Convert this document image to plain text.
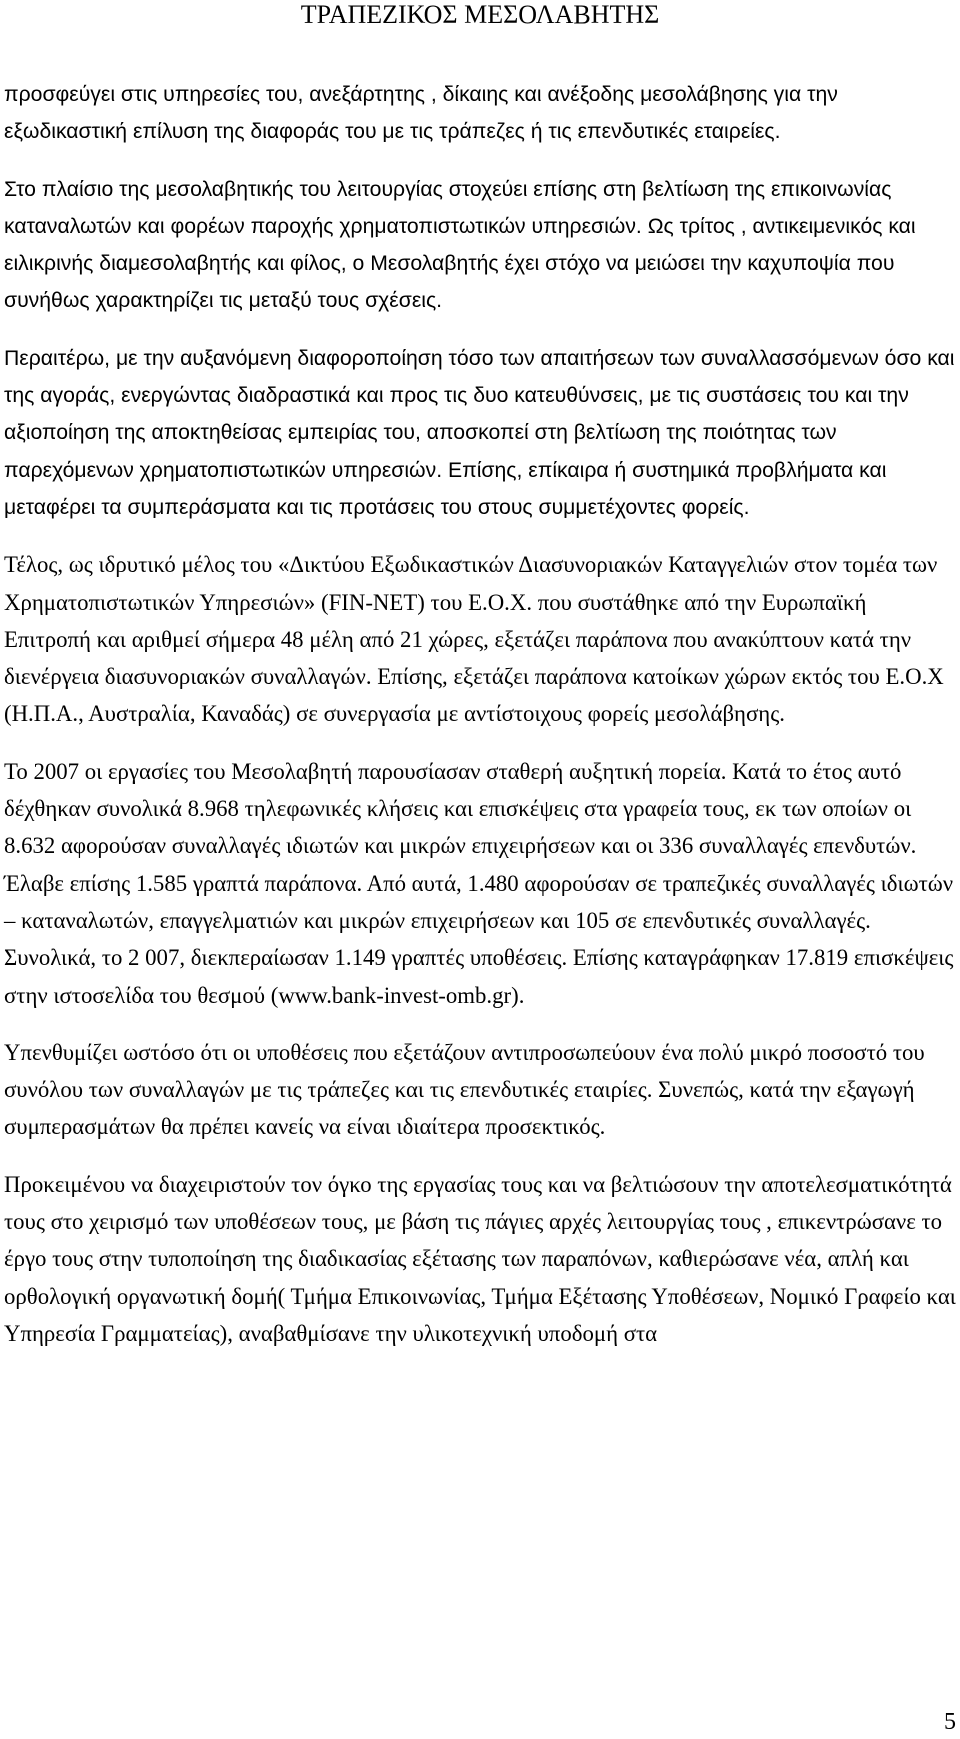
ΤΡΑΠΕΖΙΚΟΣ ΜΕΣΟΛΑΒΗΤΗΣ

προσφεύγει στις υπηρεσίες του, ανεξάρτητης , δίκαιης και ανέξοδης μεσολάβησης για την εξωδικαστική επίλυση της διαφοράς του με τις τράπεζες ή τις επενδυτικές εταιρείες.

Στο πλαίσιο της μεσολαβητικής του λειτουργίας στοχεύει επίσης στη βελτίωση της επικοινωνίας καταναλωτών και φορέων παροχής χρηματοπιστωτικών υπηρεσιών. Ως τρίτος , αντικειμενικός και ειλικρινής διαμεσολαβητής και φίλος, ο Μεσολαβητής έχει στόχο να μειώσει την καχυποψία που συνήθως χαρακτηρίζει τις μεταξύ τους σχέσεις.

Περαιτέρω, με την αυξανόμενη διαφοροποίηση τόσο των απαιτήσεων των συναλλασσόμενων όσο και της αγοράς, ενεργώντας διαδραστικά και προς τις δυο κατευθύνσεις, με τις συστάσεις του και την αξιοποίηση της αποκτηθείσας εμπειρίας του, αποσκοπεί στη βελτίωση της ποιότητας των παρεχόμενων χρηματοπιστωτικών υπηρεσιών. Επίσης, επίκαιρα ή συστημικά προβλήματα και μεταφέρει τα συμπεράσματα και τις προτάσεις του στους συμμετέχοντες φορείς.

Τέλος, ως ιδρυτικό μέλος του «Δικτύου Εξωδικαστικών Διασυνοριακών Καταγγελιών στον τομέα των Χρηματοπιστωτικών Υπηρεσιών» (FIN-NET) του Ε.Ο.Χ. που συστάθηκε από την Ευρωπαϊκή Επιτροπή και αριθμεί σήμερα 48 μέλη από 21 χώρες, εξετάζει παράπονα που ανακύπτουν κατά την διενέργεια διασυνοριακών συναλλαγών. Επίσης, εξετάζει παράπονα κατοίκων χώρων εκτός του Ε.Ο.Χ (Η.Π.Α., Αυστραλία, Καναδάς) σε συνεργασία με αντίστοιχους φορείς μεσολάβησης.

Το 2007 οι εργασίες του Μεσολαβητή παρουσίασαν σταθερή αυξητική πορεία. Κατά το έτος αυτό δέχθηκαν συνολικά 8.968 τηλεφωνικές κλήσεις και επισκέψεις στα γραφεία τους, εκ των οποίων οι 8.632 αφορούσαν συναλλαγές ιδιωτών και μικρών επιχειρήσεων και οι 336 συναλλαγές επενδυτών. Έλαβε επίσης 1.585 γραπτά παράπονα. Από αυτά, 1.480 αφορούσαν σε τραπεζικές συναλλαγές ιδιωτών – καταναλωτών, επαγγελματιών και μικρών επιχειρήσεων και 105 σε επενδυτικές συναλλαγές. Συνολικά, το 2 007, διεκπεραίωσαν 1.149 γραπτές υποθέσεις. Επίσης καταγράφηκαν 17.819 επισκέψεις στην ιστοσελίδα του θεσμού (www.bank-invest-omb.gr).

Υπενθυμίζει ωστόσο ότι οι υποθέσεις που εξετάζουν αντιπροσωπεύουν ένα πολύ μικρό ποσοστό του συνόλου των συναλλαγών με τις τράπεζες και τις επενδυτικές εταιρίες. Συνεπώς, κατά την εξαγωγή συμπερασμάτων θα πρέπει κανείς να είναι ιδιαίτερα προσεκτικός.

Προκειμένου να διαχειριστούν τον όγκο της εργασίας τους και να βελτιώσουν την αποτελεσματικότητά τους στο χειρισμό των υποθέσεων τους, με βάση τις πάγιες αρχές λειτουργίας τους , επικεντρώσανε το έργο τους στην τυποποίηση της διαδικασίας εξέτασης των παραπόνων, καθιερώσανε νέα, απλή και ορθολογική οργανωτική δομή( Τμήμα Επικοινωνίας, Τμήμα Εξέτασης Υποθέσεων, Νομικό Γραφείο και Υπηρεσία Γραμματείας), αναβαθμίσανε την υλικοτεχνική υποδομή στα

5
